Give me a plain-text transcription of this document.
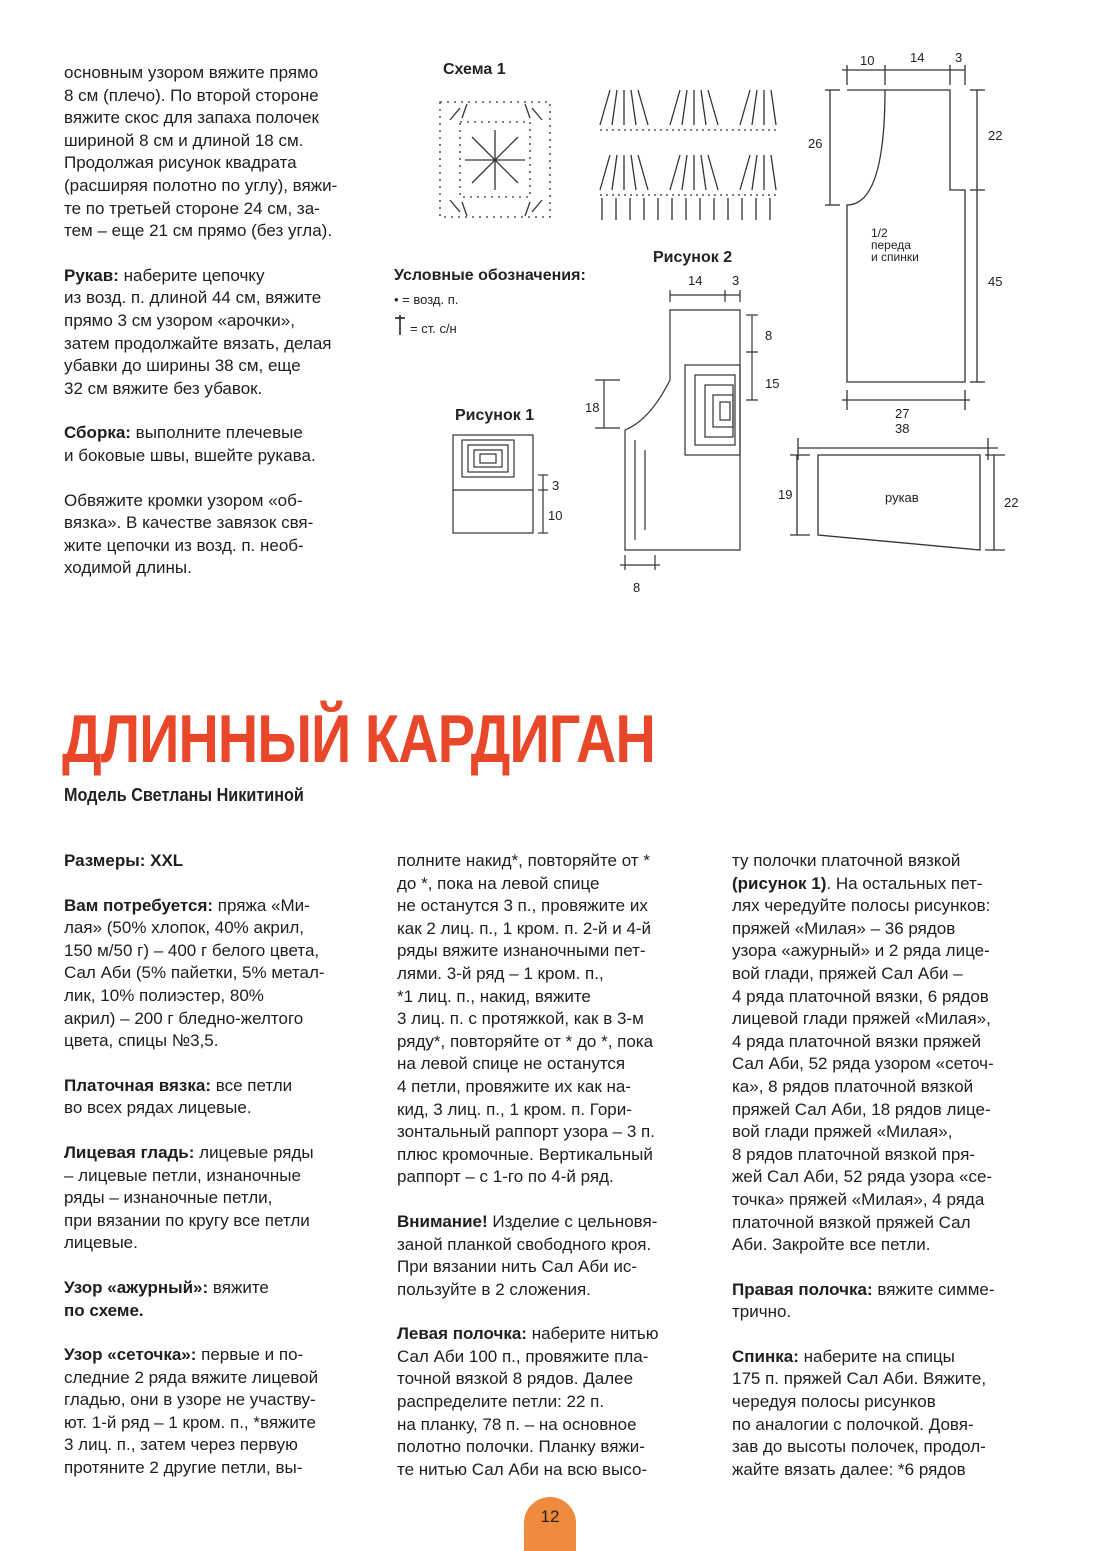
основным узором вяжите прямо
8 см (плечо). По второй стороне
вяжите скос для запаха полочек
шириной 8 см и длиной 18 см.
Продолжая рисунок квадрата
(расширяя полотно по углу), вяжи-
те по третьей стороне 24 см, за-
тем – еще 21 см прямо (без угла).

Рукав: наберите цепочку
из возд. п. длиной 44 см, вяжите
прямо 3 см узором «арочки»,
затем продолжайте вязать, делая
убавки до ширины 38 см, еще
32 см вяжите без убавок.

Сборка: выполните плечевые
и боковые швы, вшейте рукава.

Обвяжите кромки узором «об-
вязка». В качестве завязок свя-
жите цепочки из возд. п. необ-
ходимой длины.

Схема 1
Условные обозначения:
• = возд. п.
= ст. с/н
Рисунок 1
3
10
Рисунок 2
14 3
8
15
18
8
10	14 3
26
22
45
1/2
переда
и спинки
27
38
19
22
рукав
ДЛИННЫЙ КАРДИГАН
Модель Светланы Никитиной

Размеры: XXL

Вам потребуется: пряжа «Ми-
лая» (50% хлопок, 40% акрил,
150 м/50 г) – 400 г белого цвета,
Сал Аби (5% пайетки, 5% метал-
лик, 10% полиэстер, 80%
акрил) – 200 г бледно-желтого
цвета, спицы №3,5.

Платочная вязка: все петли
во всех рядах лицевые.

Лицевая гладь: лицевые ряды
– лицевые петли, изнаночные
ряды – изнаночные петли,
при вязании по кругу все петли
лицевые.

Узор «ажурный»: вяжите
по схеме.

Узор «сеточка»: первые и по-
следние 2 ряда вяжите лицевой
гладью, они в узоре не участву-
ют. 1-й ряд – 1 кром. п., *вяжите
3 лиц. п., затем через первую
протяните 2 другие петли, вы-

полните накид*, повторяйте от *
до *, пока на левой спице
не останутся 3 п., провяжите их
как 2 лиц. п., 1 кром. п. 2-й и 4-й
ряды вяжите изнаночными пет-
лями. 3-й ряд – 1 кром. п.,
*1 лиц. п., накид, вяжите
3 лиц. п. с протяжкой, как в 3-м
ряду*, повторяйте от * до *, пока
на левой спице не останутся
4 петли, провяжите их как на-
кид, 3 лиц. п., 1 кром. п. Гори-
зонтальный раппорт узора – 3 п.
плюс кромочные. Вертикальный
раппорт – с 1-го по 4-й ряд.

Внимание! Изделие с цельновя-
заной планкой свободного кроя.
При вязании нить Сал Аби ис-
пользуйте в 2 сложения.

Левая полочка: наберите нитью
Сал Аби 100 п., провяжите пла-
точной вязкой 8 рядов. Далее
распределите петли: 22 п.
на планку, 78 п. – на основное
полотно полочки. Планку вяжи-
те нитью Сал Аби на всю высо-

ту полочки платочной вязкой
(рисунок 1). На остальных пет-
лях чередуйте полосы рисунков:
пряжей «Милая» – 36 рядов
узора «ажурный» и 2 ряда лице-
вой глади, пряжей Сал Аби –
4 ряда платочной вязки, 6 рядов
лицевой глади пряжей «Милая»,
4 ряда платочной вязки пряжей
Сал Аби, 52 ряда узором «сеточ-
ка», 8 рядов платочной вязкой
пряжей Сал Аби, 18 рядов лице-
вой глади пряжей «Милая»,
8 рядов платочной вязкой пря-
жей Сал Аби, 52 ряда узора «се-
точка» пряжей «Милая», 4 ряда
платочной вязкой пряжей Сал
Аби. Закройте все петли.

Правая полочка: вяжите симме-
трично.

Спинка: наберите на спицы
175 п. пряжей Сал Аби. Вяжите,
чередуя полосы рисунков
по аналогии с полочкой. Довя-
зав до высоты полочек, продол-
жайте вязать далее: *6 рядов

12
